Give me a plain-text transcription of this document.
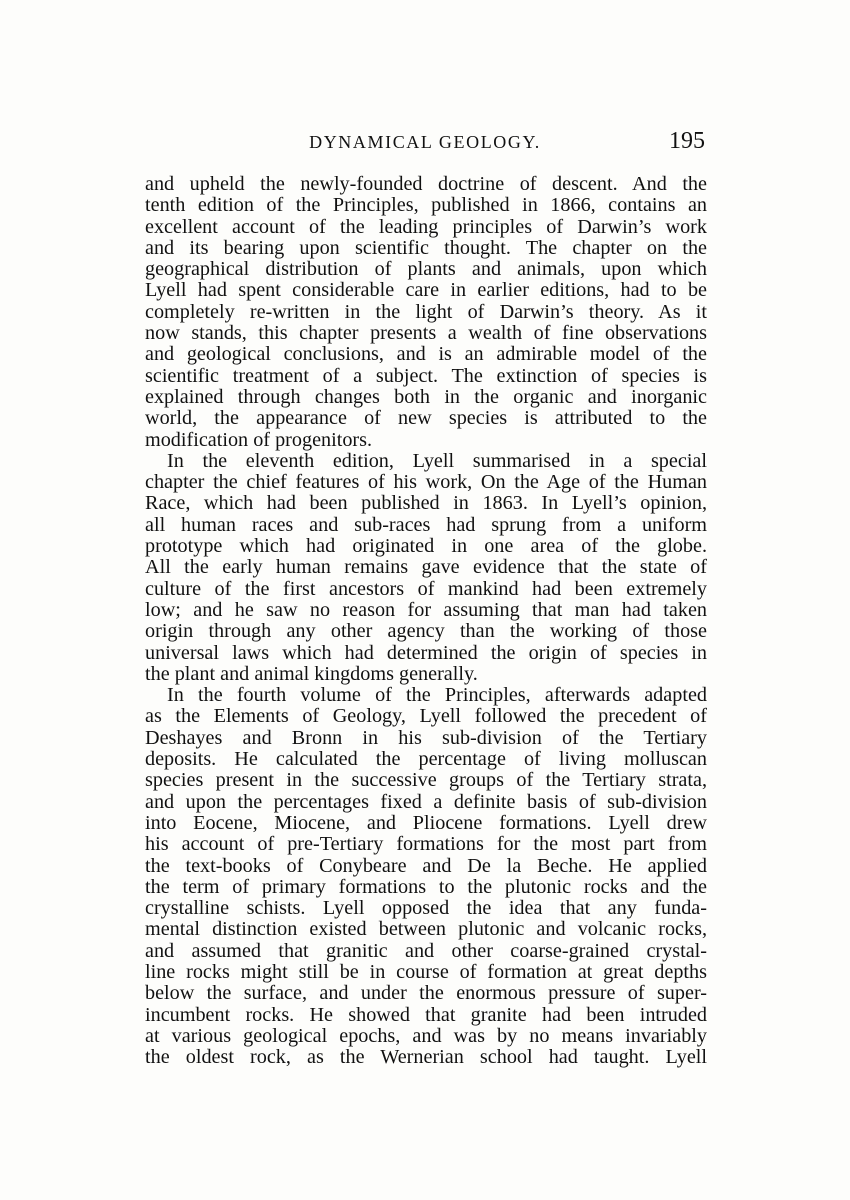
DYNAMICAL GEOLOGY.	195
and upheld the newly-founded doctrine of descent. And the
tenth edition of the Principles, published in 1866, contains an
excellent account of the leading principles of Darwin’s work
and its bearing upon scientific thought. The chapter on the
geographical distribution of plants and animals, upon which
Lyell had spent considerable care in earlier editions, had to be
completely re-written in the light of Darwin’s theory. As it
now stands, this chapter presents a wealth of fine observations
and geological conclusions, and is an admirable model of the
scientific treatment of a subject. The extinction of species is
explained through changes both in the organic and inorganic
world, the appearance of new species is attributed to the
modification of progenitors.
In the eleventh edition, Lyell summarised in a special
chapter the chief features of his work, On the Age of the Human
Race, which had been published in 1863. In Lyell’s opinion,
all human races and sub-races had sprung from a uniform
prototype which had originated in one area of the globe.
All the early human remains gave evidence that the state of
culture of the first ancestors of mankind had been extremely
low; and he saw no reason for assuming that man had taken
origin through any other agency than the working of those
universal laws which had determined the origin of species in
the plant and animal kingdoms generally.
In the fourth volume of the Principles, afterwards adapted
as the Elements of Geology, Lyell followed the precedent of
Deshayes and Bronn in his sub-division of the Tertiary
deposits. He calculated the percentage of living molluscan
species present in the successive groups of the Tertiary strata,
and upon the percentages fixed a definite basis of sub-division
into Eocene, Miocene, and Pliocene formations. Lyell drew
his account of pre-Tertiary formations for the most part from
the text-books of Conybeare and De la Beche. He applied
the term of primary formations to the plutonic rocks and the
crystalline schists. Lyell opposed the idea that any funda-
mental distinction existed between plutonic and volcanic rocks,
and assumed that granitic and other coarse-grained crystal-
line rocks might still be in course of formation at great depths
below the surface, and under the enormous pressure of super-
incumbent rocks. He showed that granite had been intruded
at various geological epochs, and was by no means invariably
the oldest rock, as the Wernerian school had taught. Lyell
